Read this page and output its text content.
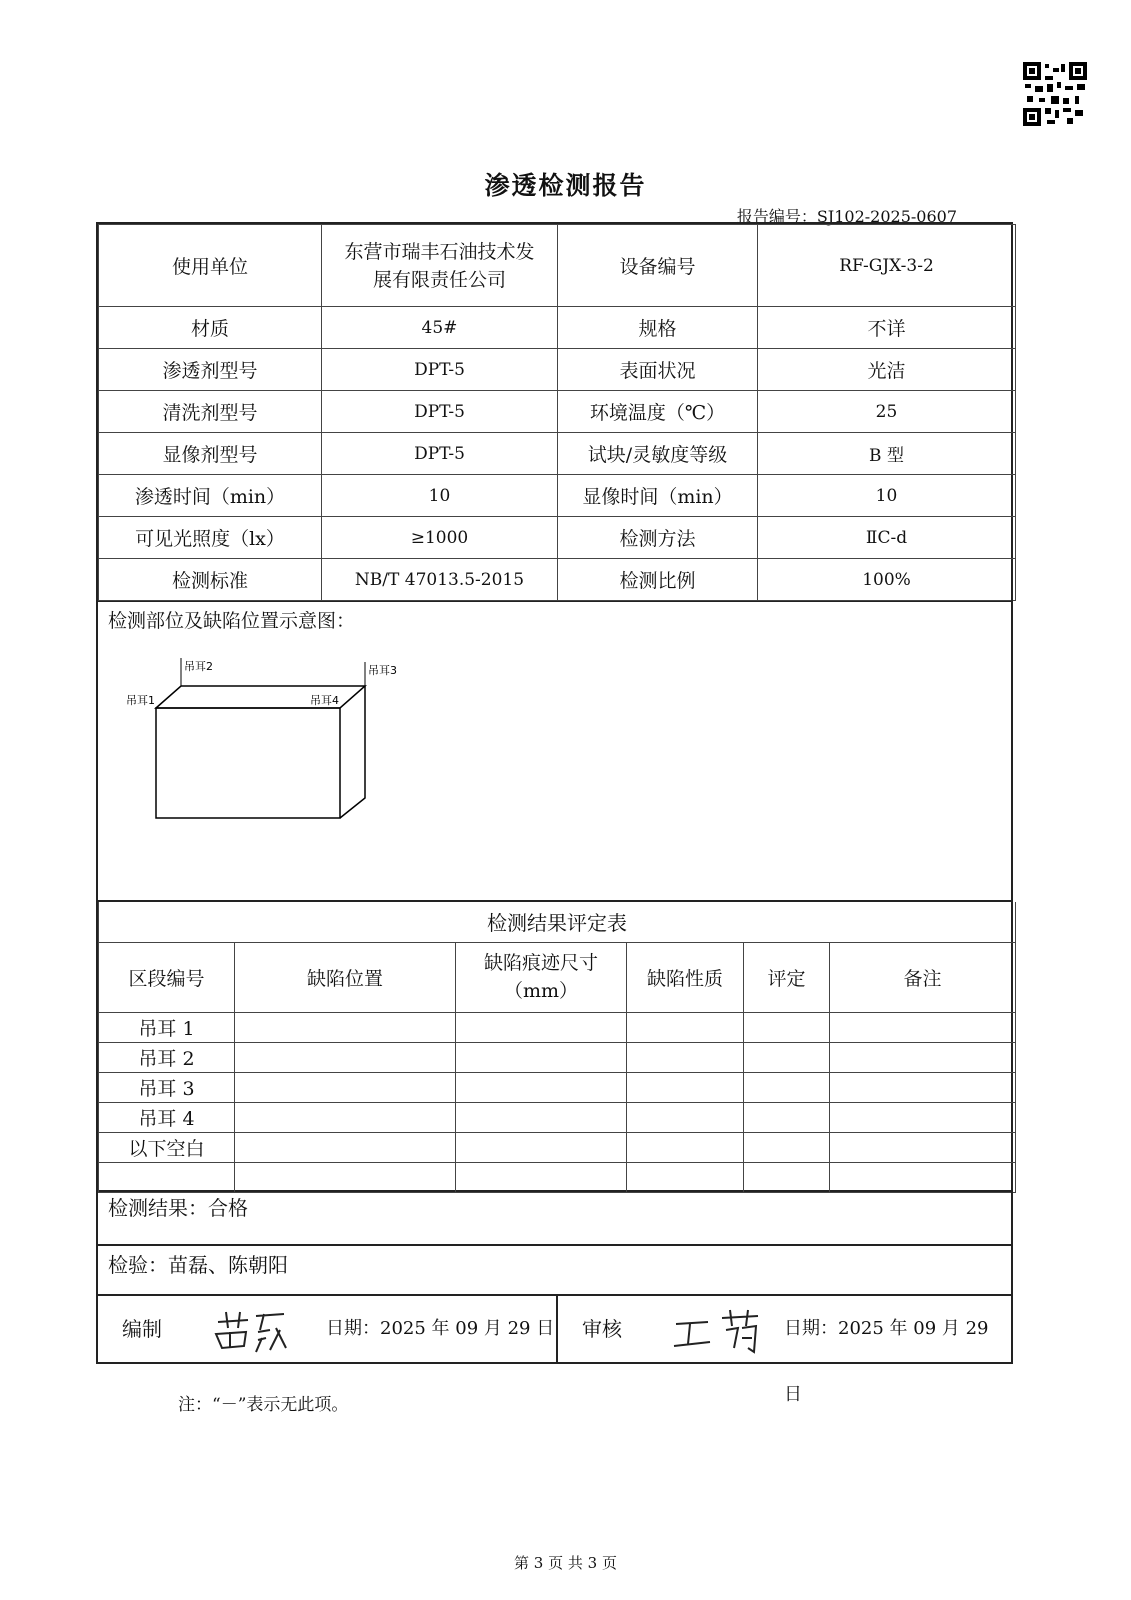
渗透检测报告
报告编号：SJ102-2025-0607
使用单位	东营市瑞丰石油技术发展有限责任公司	设备编号	RF-GJX-3-2
材质	45#	规格	不详
渗透剂型号	DPT-5	表面状况	光洁
清洗剂型号	DPT-5	环境温度（℃）	25
显像剂型号	DPT-5	试块/灵敏度等级	B 型
渗透时间（min）	10	显像时间（min）	10
可见光照度（lx）	≥1000	检测方法	ⅡC-d
检测标准	NB/T 47013.5-2015	检测比例	100%
检测部位及缺陷位置示意图：
吊耳1
吊耳2	吊耳3
吊耳4
检测结果评定表					
区段编号	缺陷位置	缺陷痕迹尺寸（mm）	缺陷性质	评定	备注
吊耳 1					
吊耳 2					
吊耳 3					
吊耳 4					
以下空白					

检测结果：合格
检验：苗磊、陈朝阳
编制	日期：2025 年 09 月 29 日 审核	日期：2025 年 09 月 29 日
注：“－”表示无此项。
第 3 页 共 3 页
